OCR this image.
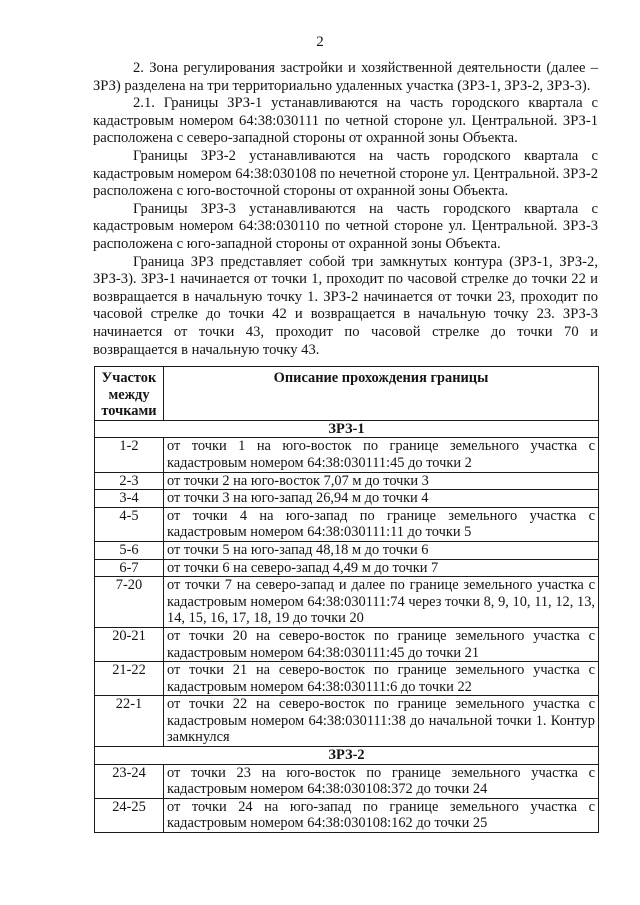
2

2. Зона регулирования застройки и хозяйственной деятельности (далее – ЗРЗ) разделена на три территориально удаленных участка (ЗРЗ-1, ЗРЗ-2, ЗРЗ-3).

2.1. Границы ЗРЗ-1 устанавливаются на часть городского квартала с кадастровым номером 64:38:030111 по четной стороне ул. Центральной. ЗРЗ-1 расположена с северо-западной стороны от охранной зоны Объекта.

Границы ЗРЗ-2 устанавливаются на часть городского квартала с кадастровым номером 64:38:030108 по нечетной стороне ул. Центральной. ЗРЗ-2 расположена с юго-восточной стороны от охранной зоны Объекта.

Границы ЗРЗ-3 устанавливаются на часть городского квартала с кадастровым номером 64:38:030110 по четной стороне ул. Центральной. ЗРЗ-3 расположена с юго-западной стороны от охранной зоны Объекта.

Граница ЗРЗ представляет собой три замкнутых контура (ЗРЗ-1, ЗРЗ-2, ЗРЗ-3). ЗРЗ-1 начинается от точки 1, проходит по часовой стрелке до точки 22 и возвращается в начальную точку 1. ЗРЗ-2 начинается от точки 23, проходит по часовой стрелке до точки 42 и возвращается в начальную точку 23. ЗРЗ-3 начинается от точки 43, проходит по часовой стрелке до точки 70 и возвращается в начальную точку 43.

Участок между точками	Описание прохождения границы
ЗРЗ-1	
1-2	от точки 1 на юго-восток по границе земельного участка с кадастровым номером 64:38:030111:45 до точки 2
2-3	от точки 2 на юго-восток 7,07 м до точки 3
3-4	от точки 3 на юго-запад 26,94 м до точки 4
4-5	от точки 4 на юго-запад по границе земельного участка с кадастровым номером 64:38:030111:11 до точки 5
5-6	от точки 5 на юго-запад 48,18 м до точки 6
6-7	от точки 6 на северо-запад 4,49 м до точки 7
7-20	от точки 7 на северо-запад и далее по границе земельного участка с кадастровым номером 64:38:030111:74 через точки 8, 9, 10, 11, 12, 13, 14, 15, 16, 17, 18, 19 до точки 20
20-21	от точки 20 на северо-восток по границе земельного участка с кадастровым номером 64:38:030111:45 до точки 21
21-22	от точки 21 на северо-восток по границе земельного участка с кадастровым номером 64:38:030111:6 до точки 22
22-1	от точки 22 на северо-восток по границе земельного участка с кадастровым номером 64:38:030111:38 до начальной точки 1. Контур замкнулся
ЗРЗ-2	
23-24	от точки 23 на юго-восток по границе земельного участка с кадастровым номером 64:38:030108:372 до точки 24
24-25	от точки 24 на юго-запад по границе земельного участка с кадастровым номером 64:38:030108:162 до точки 25
